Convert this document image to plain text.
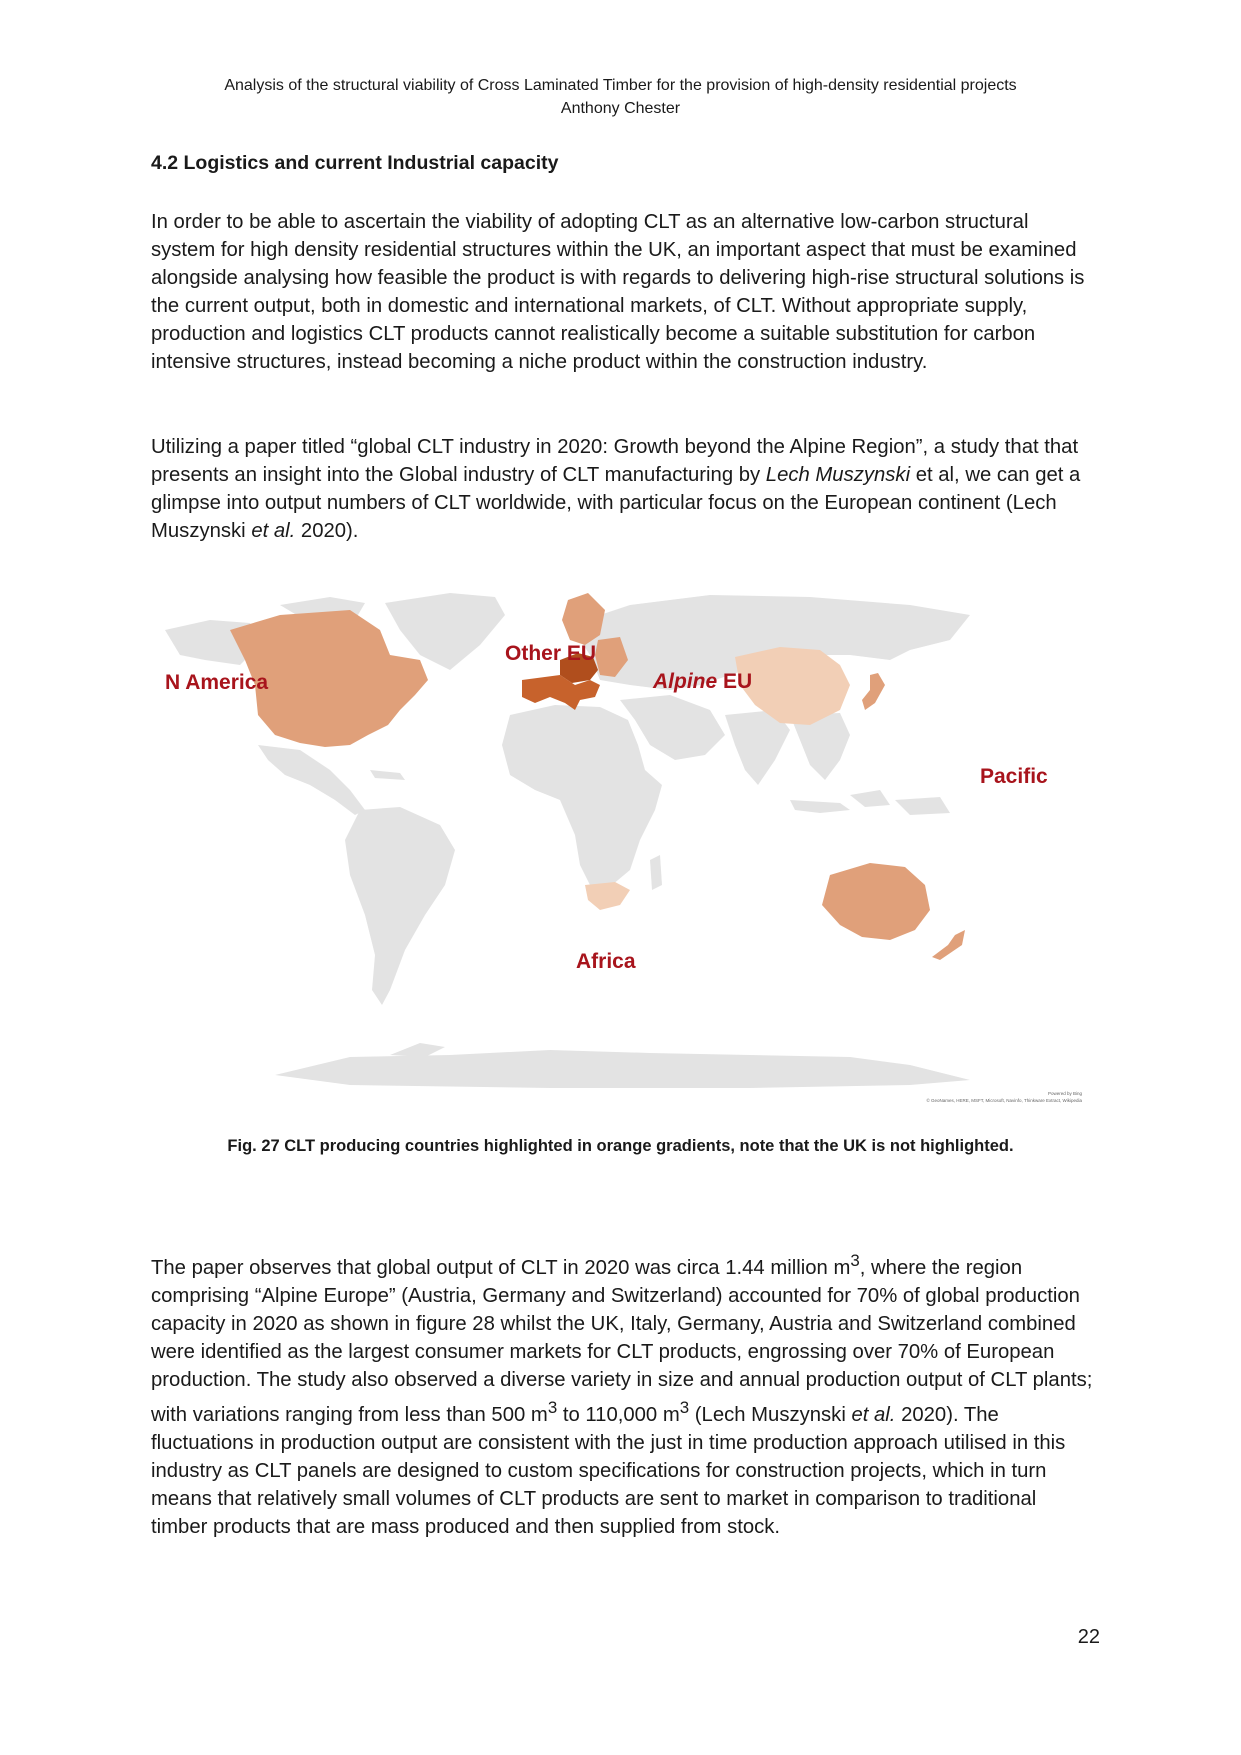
Analysis of the structural viability of Cross Laminated Timber for the provision of high-density residential projects
Anthony Chester
4.2 Logistics and current Industrial capacity

In order to be able to ascertain the viability of adopting CLT as an alternative low-carbon structural system for high density residential structures within the UK, an important aspect that must be examined alongside analysing how feasible the product is with regards to delivering high-rise structural solutions is the current output, both in domestic and international markets, of CLT. Without appropriate supply, production and logistics CLT products cannot realistically become a suitable substitution for carbon intensive structures, instead becoming a niche product within the construction industry.

Utilizing a paper titled “global CLT industry in 2020: Growth beyond the Alpine Region”, a study that that presents an insight into the Global industry of CLT manufacturing by Lech Muszynski et al, we can get a glimpse into output numbers of CLT worldwide, with particular focus on the European continent (Lech Muszynski et al. 2020).

N America
Other EU
Alpine EU
Pacific
Africa
Powered by Bing
© GeoNames, HERE, MSFT, Microsoft, Navinfo, Thinkware Extract, Wikipedia
Fig. 27 CLT producing countries highlighted in orange gradients, note that the UK is not highlighted.

The paper observes that global output of CLT in 2020 was circa 1.44 million $m^3$, where the region comprising “Alpine Europe” (Austria, Germany and Switzerland) accounted for 70% of global production capacity in 2020 as shown in figure 28 whilst the UK, Italy, Germany, Austria and Switzerland combined were identified as the largest consumer markets for CLT products, engrossing over 70% of European production. The study also observed a diverse variety in size and annual production output of CLT plants; with variations ranging from less than 500 $m^3$ to 110,000 $m^3$ (Lech Muszynski et al. 2020). The fluctuations in production output are consistent with the just in time production approach utilised in this industry as CLT panels are designed to custom specifications for construction projects, which in turn means that relatively small volumes of CLT products are sent to market in comparison to traditional timber products that are mass produced and then supplied from stock.

22
